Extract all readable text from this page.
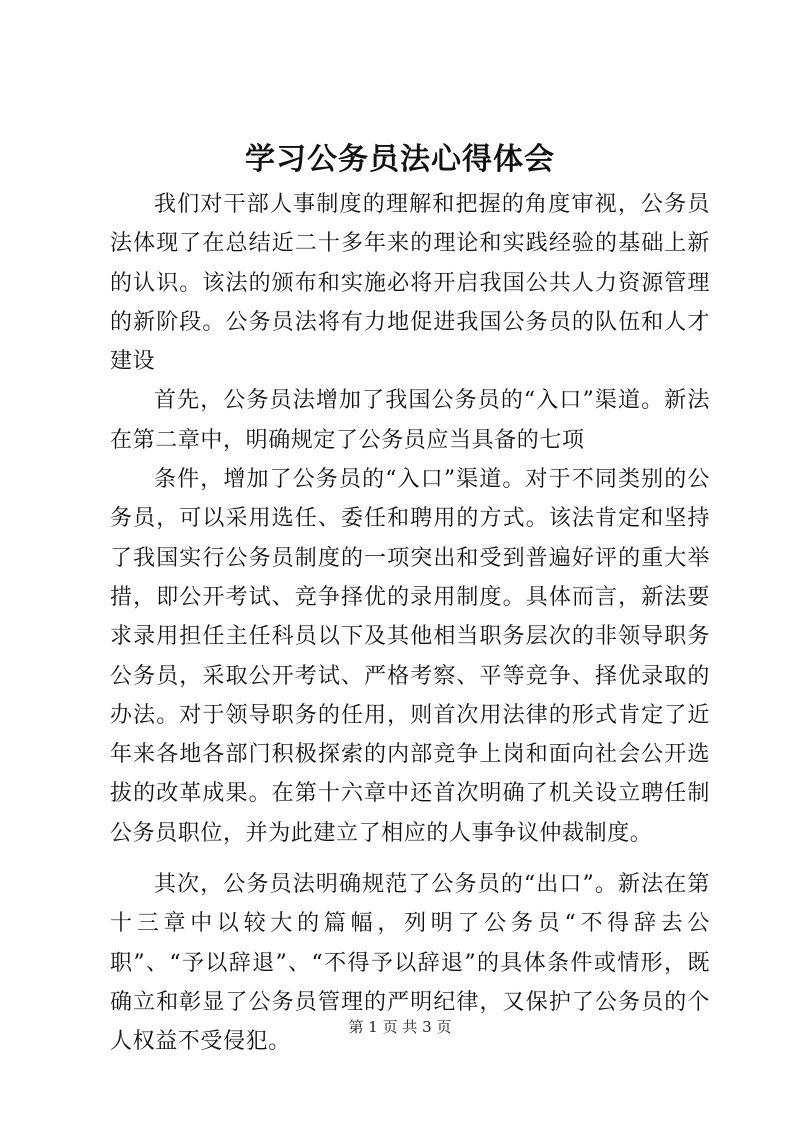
学习公务员法心得体会

我们对干部人事制度的理解和把握的角度审视，公务员法体现了在总结近二十多年来的理论和实践经验的基础上新的认识。该法的颁布和实施必将开启我国公共人力资源管理的新阶段。公务员法将有力地促进我国公务员的队伍和人才建设

首先，公务员法增加了我国公务员的“入口”渠道。新法在第二章中，明确规定了公务员应当具备的七项

条件，增加了公务员的“入口”渠道。对于不同类别的公务员，可以采用选任、委任和聘用的方式。该法肯定和坚持了我国实行公务员制度的一项突出和受到普遍好评的重大举措，即公开考试、竞争择优的录用制度。具体而言，新法要求录用担任主任科员以下及其他相当职务层次的非领导职务公务员，采取公开考试、严格考察、平等竞争、择优录取的办法。对于领导职务的任用，则首次用法律的形式肯定了近年来各地各部门积极探索的内部竞争上岗和面向社会公开选拔的改革成果。在第十六章中还首次明确了机关设立聘任制公务员职位，并为此建立了相应的人事争议仲裁制度。

其次，公务员法明确规范了公务员的“出口”。新法在第十三章中以较大的篇幅，列明了公务员“不得辞去公职”、“予以辞退”、“不得予以辞退”的具体条件或情形，既确立和彰显了公务员管理的严明纪律，又保护了公务员的个人权益不受侵犯。

第 1 页 共 3 页
